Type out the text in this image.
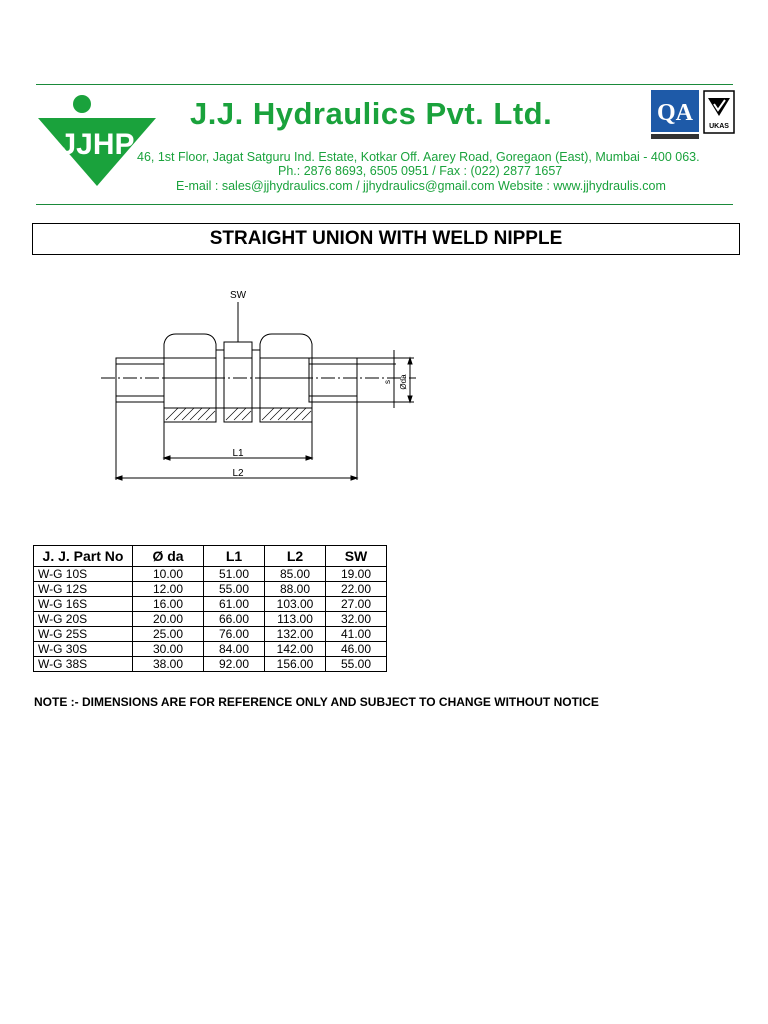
JJHP
J.J. Hydraulics Pvt. Ltd.	QA
UKAS
46, 1st Floor, Jagat Satguru Ind. Estate, Kotkar Off. Aarey Road, Goregaon (East), Mumbai - 400 063.
Ph.: 2876 8693, 6505 0951 / Fax : (022) 2877 1657
E-mail : sales@jjhydraulics.com / jjhydraulics@gmail.com Website : www.jjhydraulis.com
STRAIGHT UNION WITH WELD NIPPLE
SW
L1
L2
s Ødа
J. J. Part No	Ø da	L1	L2	SW
W-G 10S	10.00	51.00	85.00	19.00
W-G 12S	12.00	55.00	88.00	22.00
W-G 16S	16.00	61.00	103.00	27.00
W-G 20S	20.00	66.00	113.00	32.00
W-G 25S	25.00	76.00	132.00	41.00
W-G 30S	30.00	84.00	142.00	46.00
W-G 38S	38.00	92.00	156.00	55.00
NOTE :- DIMENSIONS ARE FOR REFERENCE ONLY AND SUBJECT TO CHANGE WITHOUT NOTICE
